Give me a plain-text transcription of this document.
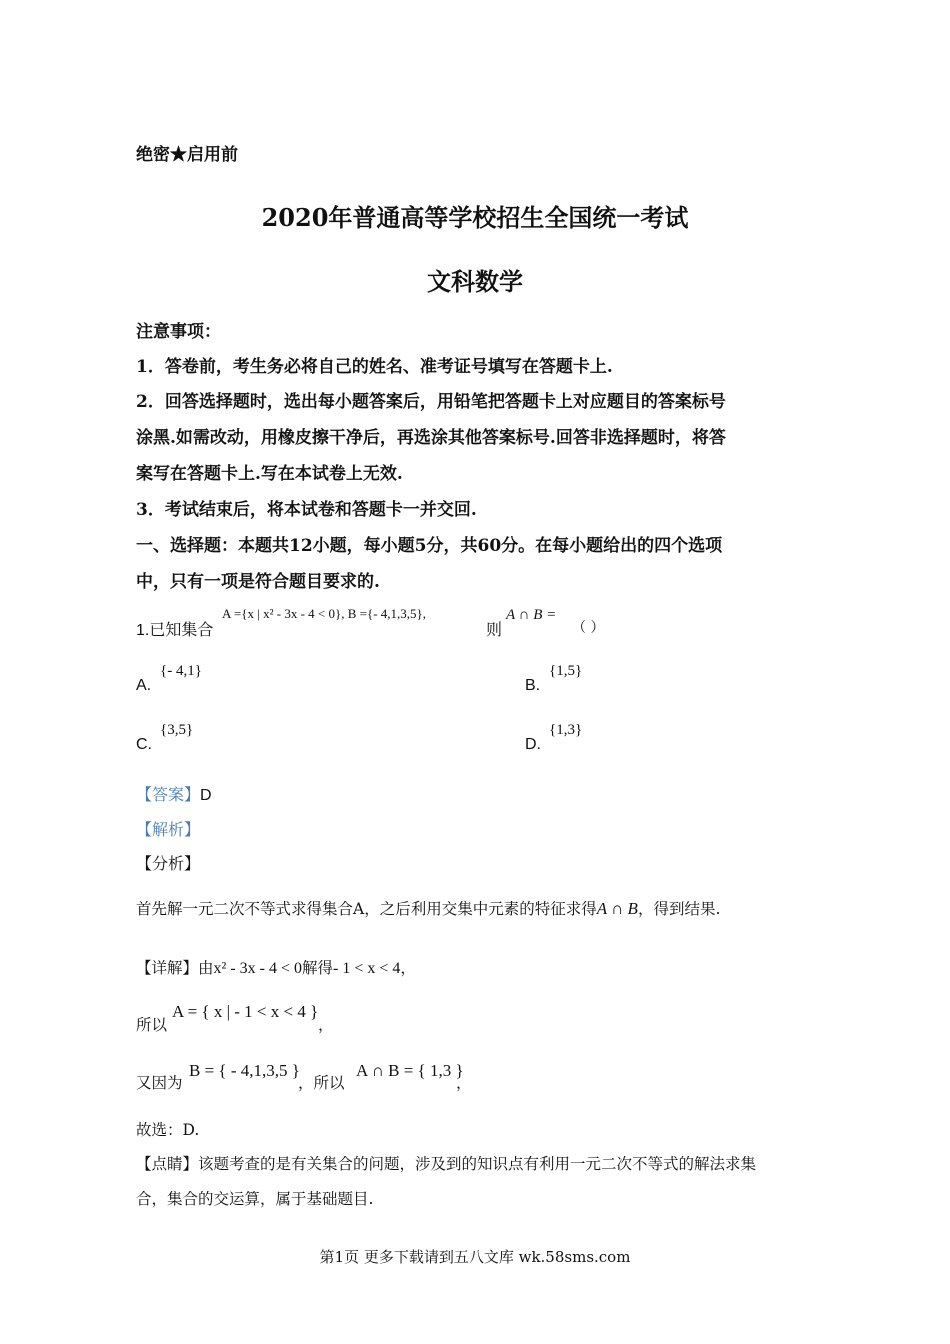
绝密★启用前
2020年普通高等学校招生全国统一考试
文科数学
注意事项：
1．答卷前，考生务必将自己的姓名、准考证号填写在答题卡上.
2．回答选择题时，选出每小题答案后，用铅笔把答题卡上对应题目的答案标号
涂黑.如需改动，用橡皮擦干净后，再选涂其他答案标号.回答非选择题时，将答
案写在答题卡上.写在本试卷上无效.
3．考试结束后，将本试卷和答题卡一并交回.
一、选择题：本题共12小题，每小题5分，共60分。在每小题给出的四个选项
中，只有一项是符合题目要求的.
1.已知集合
A ={x | x² - 3x - 4 < 0}, B ={- 4,1,3,5},
则
A ∩ B =
（ ）
A.
{- 4,1}
B.
{1,5}
C.
{3,5}
D.
{1,3}
【答案】D
【解析】
【分析】
首先解一元二次不等式求得集合A，之后利用交集中元素的特征求得A ∩ B，得到结果.
【详解】由x² - 3x - 4 < 0解得- 1 < x < 4，
所以
A = { x | - 1 < x < 4 }
，
又因为
B = { - 4,1,3,5 }
，所以
A ∩ B = { 1,3 }
，
故选：D.
【点睛】该题考查的是有关集合的问题，涉及到的知识点有利用一元二次不等式的解法求集
合，集合的交运算，属于基础题目.
第1页 更多下载请到五八文库 wk.58sms.com
